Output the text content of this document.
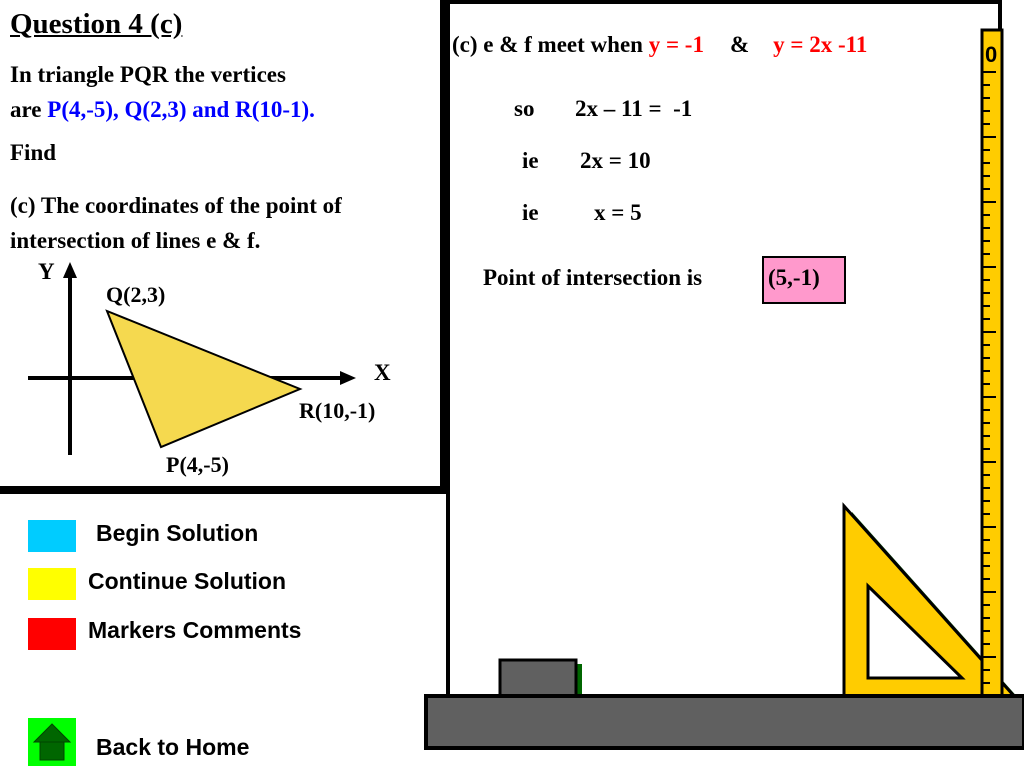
Question 4 (c)
In triangle PQR the vertices
are P(4,-5), Q(2,3) and R(10-1).
Find
(c) The coordinates of the point of
intersection of lines e & f.
Y
X
Q(2,3)
R(10,-1)
P(4,-5)
Begin Solution
Continue Solution
Markers Comments
Back to Home
(c) e & f meet when y = -1 & y = 2x -11
so 2x – 11 =  -1
ie 2x = 10
ie x = 5
Point of intersection is	(5,-1)
0
